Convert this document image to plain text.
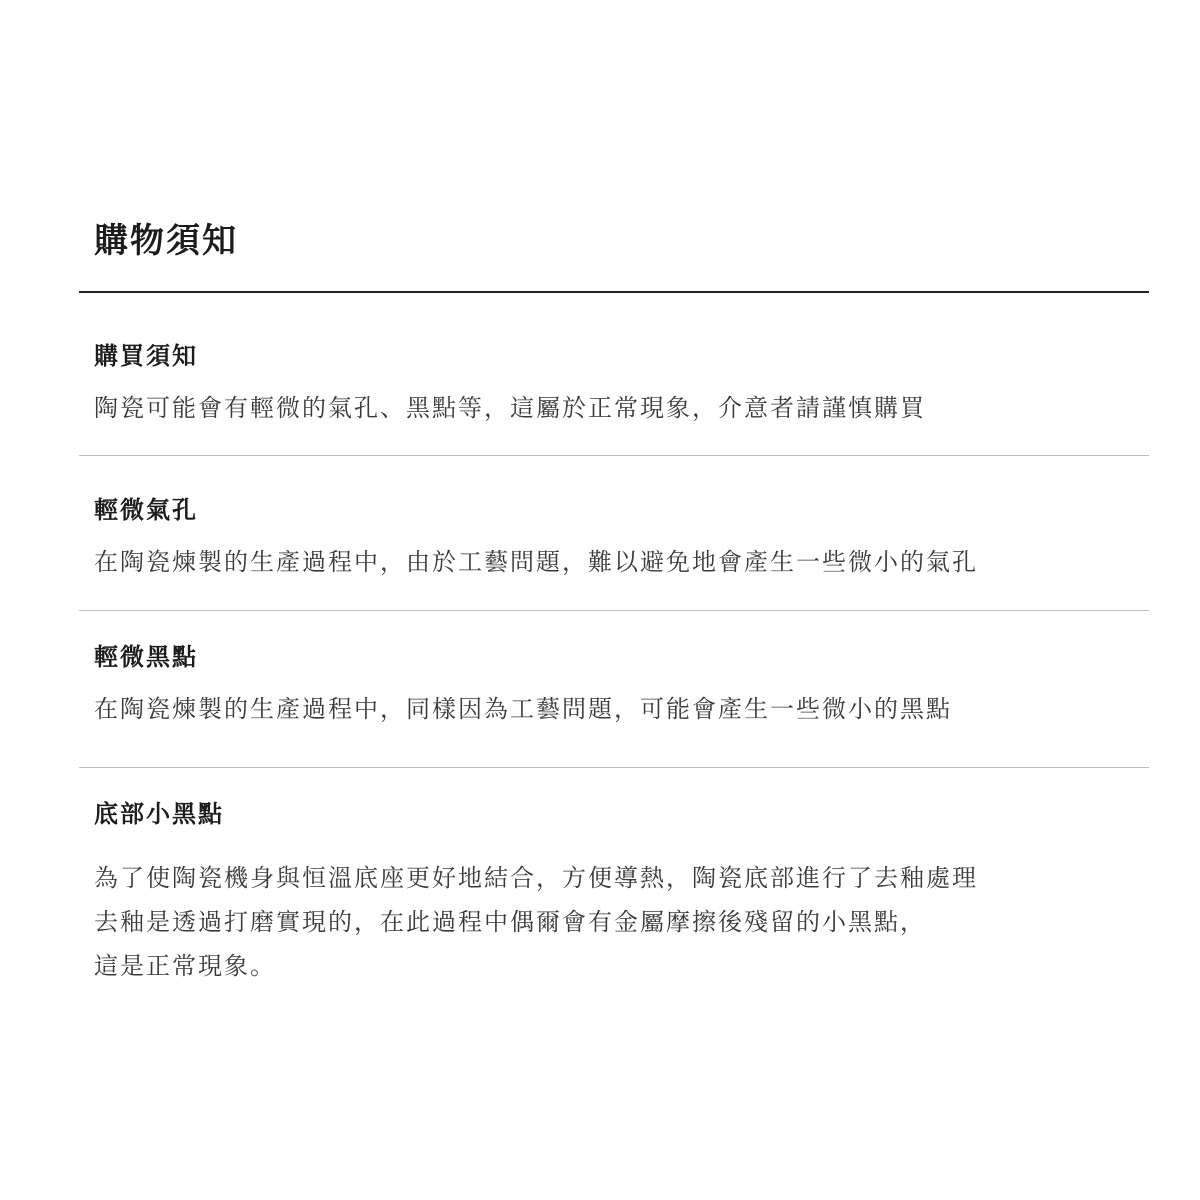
購物須知
購買須知

陶瓷可能會有輕微的氣孔、黑點等，這屬於正常現象，介意者請謹慎購買

輕微氣孔

在陶瓷煉製的生產過程中，由於工藝問題，難以避免地會產生一些微小的氣孔

輕微黑點

在陶瓷煉製的生產過程中，同樣因為工藝問題，可能會產生一些微小的黑點

底部小黑點

為了使陶瓷機身與恒溫底座更好地結合，方便導熱，陶瓷底部進行了去釉處理
去釉是透過打磨實現的，在此過程中偶爾會有金屬摩擦後殘留的小黑點，
這是正常現象。
